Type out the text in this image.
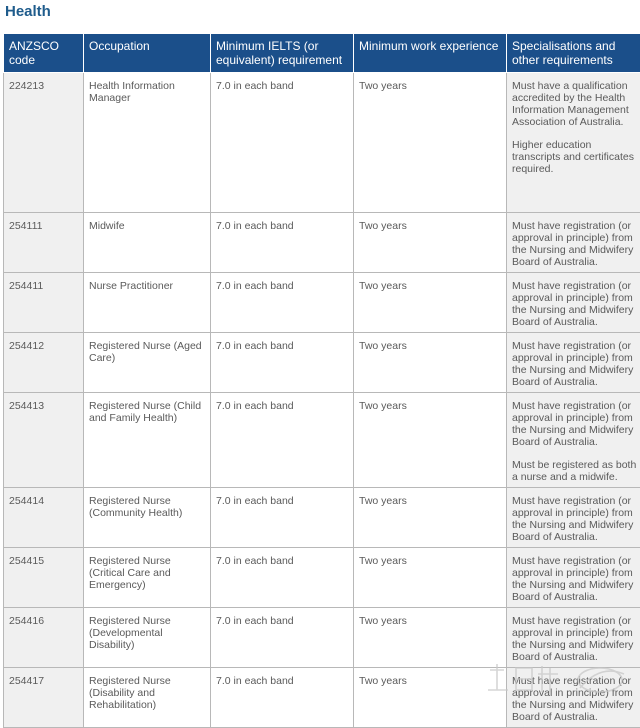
Health
ANZSCO code	Occupation	Minimum IELTS (or equivalent) requirement	Minimum work experience	Specialisations and other requirements
224213	Health Information Manager	7.0 in each band	Two years	Must have a qualification accredited by the Health Information Management Association of Australia.
Higher education transcripts and certificates required.
254111	Midwife	7.0 in each band	Two years	Must have registration (or approval in principle) from the Nursing and Midwifery Board of Australia.
254411	Nurse Practitioner	7.0 in each band	Two years	Must have registration (or approval in principle) from the Nursing and Midwifery Board of Australia.
254412	Registered Nurse (Aged Care)	7.0 in each band	Two years	Must have registration (or approval in principle) from the Nursing and Midwifery Board of Australia.
254413	Registered Nurse (Child and Family Health)	7.0 in each band	Two years	Must have registration (or approval in principle) from the Nursing and Midwifery Board of Australia.
Must be registered as both a nurse and a midwife.
254414	Registered Nurse (Community Health)	7.0 in each band	Two years	Must have registration (or approval in principle) from the Nursing and Midwifery Board of Australia.
254415	Registered Nurse (Critical Care and Emergency)	7.0 in each band	Two years	Must have registration (or approval in principle) from the Nursing and Midwifery Board of Australia.
254416	Registered Nurse (Developmental Disability)	7.0 in each band	Two years	Must have registration (or approval in principle) from the Nursing and Midwifery Board of Australia.
254417	Registered Nurse (Disability and Rehabilitation)	7.0 in each band	Two years	Must have registration (or approval in principle) from the Nursing and Midwifery Board of Australia.
